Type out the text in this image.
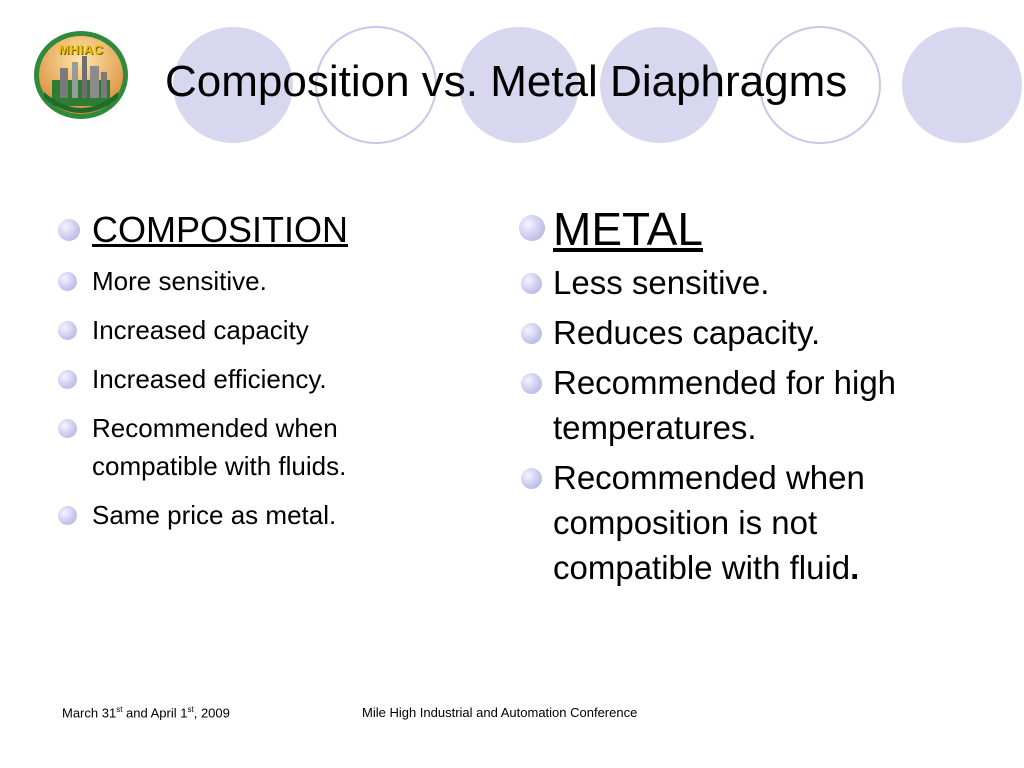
MHIAC
Composition vs. Metal Diaphragms
COMPOSITION
More sensitive.
Increased capacity
Increased efficiency.
Recommended when compatible with fluids.
Same price as metal.
METAL
Less sensitive.
Reduces capacity.
Recommended for high temperatures.
Recommended when composition is not compatible with fluid.
March 31st and April 1st, 2009	Mile High Industrial and Automation Conference
